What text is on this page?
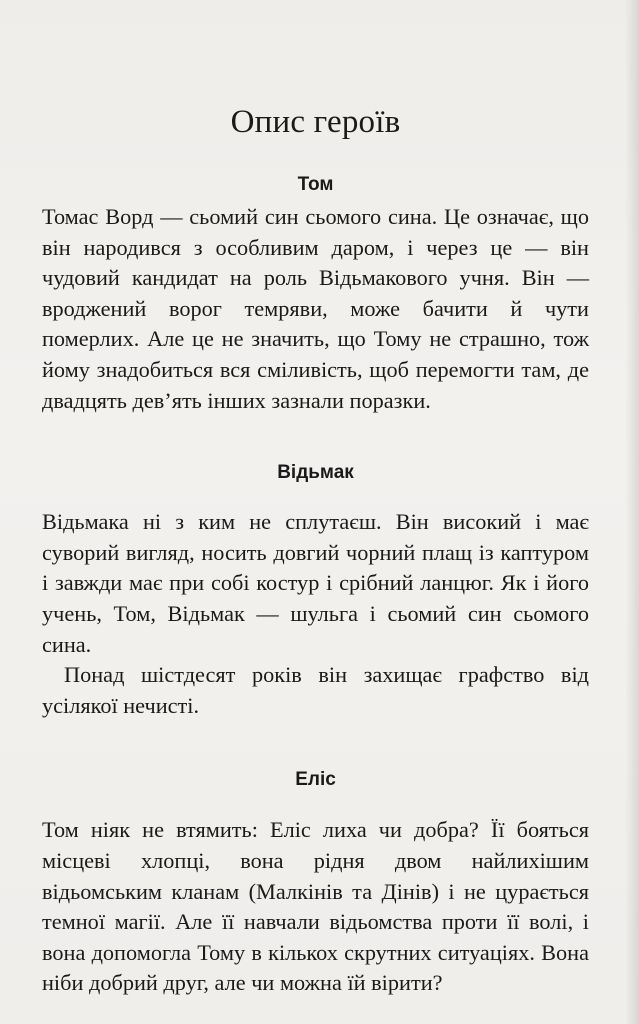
Опис героїв
Том

Томас Ворд — сьомий син сьомого сина. Це означає, що він народився з особливим даром, і через це — він чудовий кандидат на роль Відьмакового учня. Він — вроджений ворог темряви, може бачити й чути померлих. Але це не значить, що Тому не страшно, тож йому знадобиться вся сміливість, щоб перемогти там, де двадцять дев’ять інших зазнали поразки.

Відьмак

Відьмака ні з ким не сплутаєш. Він високий і має суворий вигляд, носить довгий чорний плащ із каптуром і завжди має при собі костур і срібний ланцюг. Як і його учень, Том, Відьмак — шульга і сьомий син сьомого сина.

Понад шістдесят років він захищає графство від усілякої нечисті.

Еліс

Том ніяк не втямить: Еліс лиха чи добра? Її бояться місцеві хлопці, вона рідня двом найлихішим відьомським кланам (Малкінів та Дінів) і не цурається темної магії. Але її навчали відьомства проти її волі, і вона допомогла Тому в кількох скрутних ситуаціях. Вона ніби добрий друг, але чи можна їй вірити?
